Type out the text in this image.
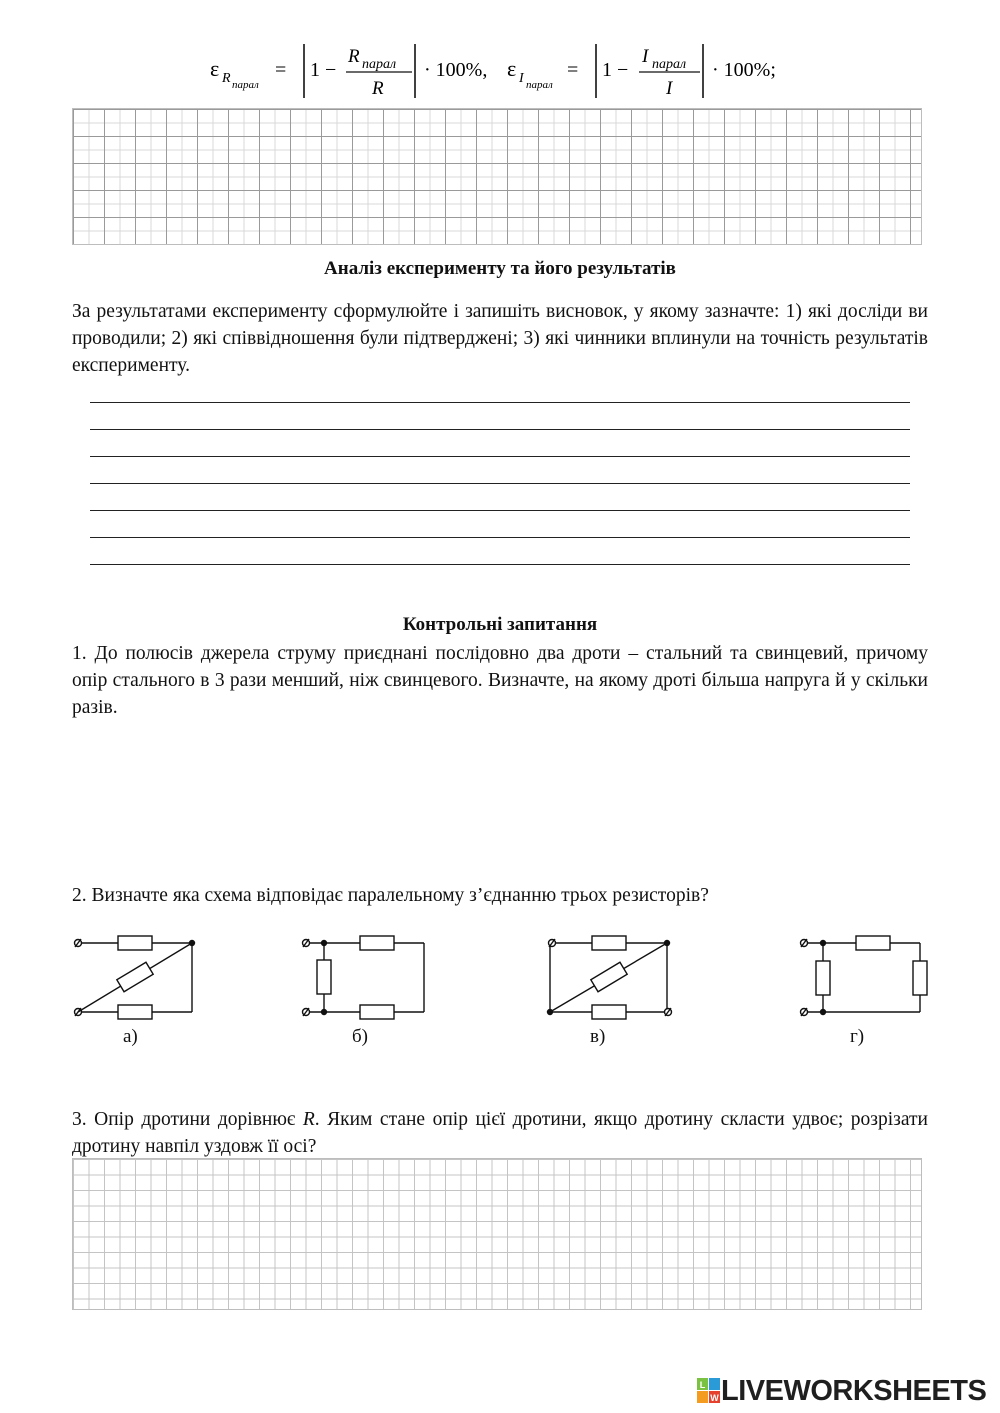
ε R парал
= 1 −
R парал
R
· 100%, ε I парал
= 1 −
I парал
I
· 100%;
Аналіз експерименту та його результатів
За результатами експерименту сформулюйте і запишіть висновок, у якому зазначте: 1) які досліди ви проводили; 2) які співвідношення були підтверджені; 3) які чинники вплинули на точність результатів експерименту.
Контрольні запитання
1. До полюсів джерела струму приєднані послідовно два дроти – стальний та свинцевий, причому опір стального в 3 рази менший, ніж свинцевого. Визначте, на якому дроті більша напруга й у скільки разів.
2. Визначте яка схема відповідає паралельному з’єднанню трьох резисторів?
а)	б)	в)	г)
3. Опір дротини дорівнює R. Яким стане опір цієї дротини, якщо дротину скласти удвоє; розрізати дротину навпіл уздовж її осі?
L
W LIVEWORKSHEETS
